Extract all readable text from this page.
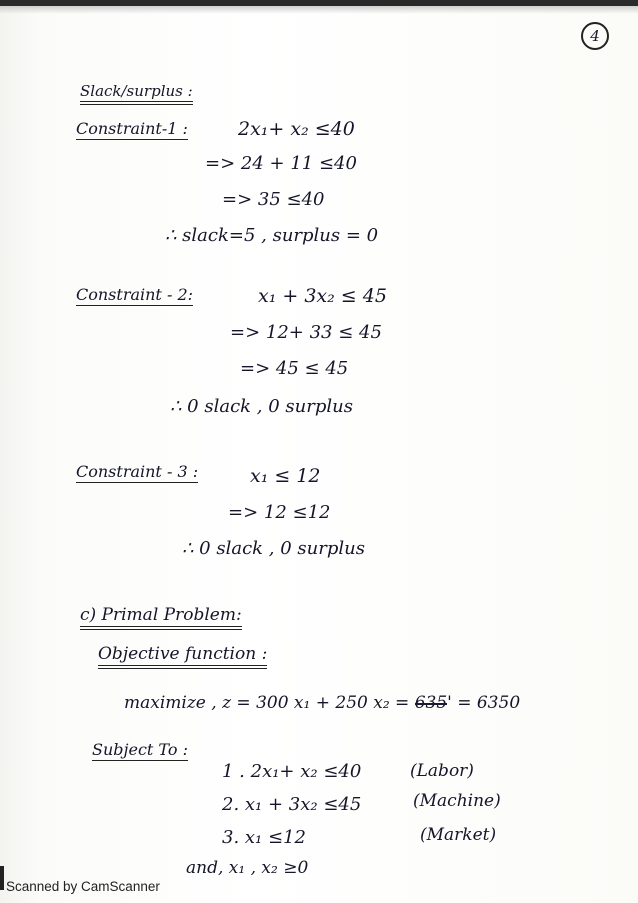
4
Slack/surplus :
Constraint-1 :	2x₁+ x₂ ≤40
=> 24 + 11 ≤40
=> 35 ≤40
∴ slack=5 , surplus = 0
Constraint - 2:	x₁ + 3x₂ ≤ 45
=> 12+ 33 ≤ 45
=> 45 ≤ 45
∴ 0 slack , 0 surplus
Constraint - 3 :	x₁ ≤ 12
=> 12 ≤12
∴ 0 slack , 0 surplus
c) Primal Problem:
Objective function :
maximize , z = 300 x₁ + 250 x₂ = 635' = 6350
Subject To :
1 . 2x₁+ x₂ ≤40	(Labor)
2. x₁ + 3x₂ ≤45	(Machine)
3. x₁ ≤12	(Market)
and, x₁ , x₂ ≥0
Scanned by CamScanner
